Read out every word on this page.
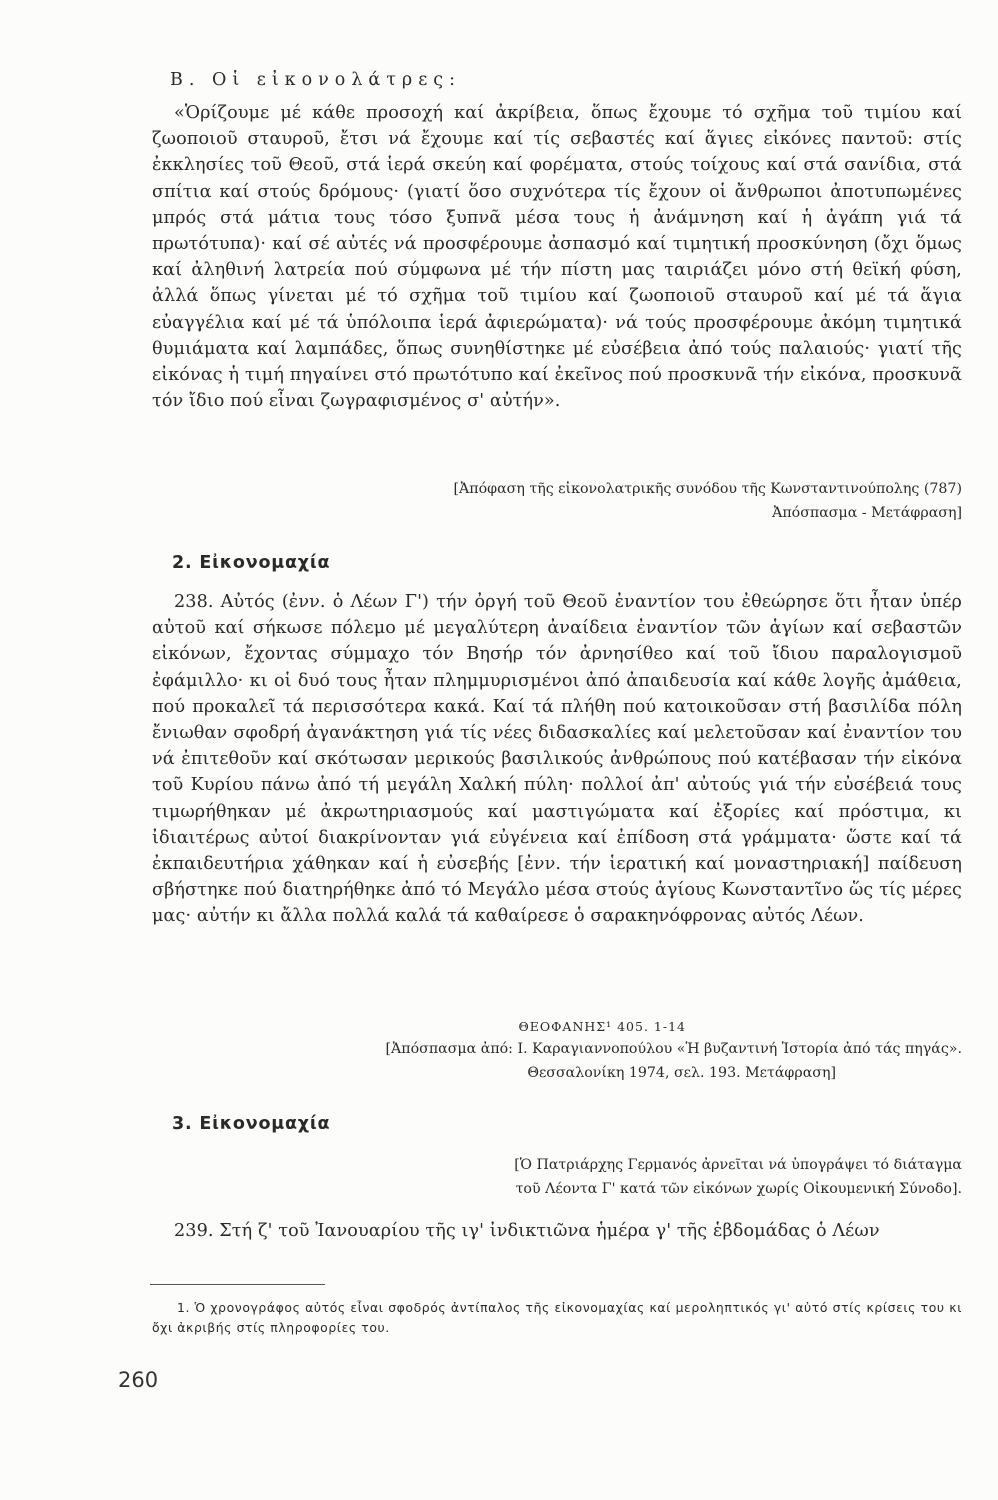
Β. Οἱ εἰκονολάτρες:

«Ὁρίζουμε μέ κάθε προσοχή καί ἀκρίβεια, ὅπως ἔχουμε τό σχῆμα τοῦ τιμίου καί ζωοποιοῦ σταυροῦ, ἔτσι νά ἔχουμε καί τίς σεβαστές καί ἅγιες εἰκόνες παντοῦ: στίς ἐκκλησίες τοῦ Θεοῦ, στά ἱερά σκεύη καί φορέματα, στούς τοίχους καί στά σανίδια, στά σπίτια καί στούς δρόμους· (γιατί ὅσο συχνότερα τίς ἔχουν οἱ ἄνθρωποι ἀποτυπωμένες μπρός στά μάτια τους τόσο ξυπνᾶ μέσα τους ἡ ἀνάμνηση καί ἡ ἀγάπη γιά τά πρωτότυπα)· καί σέ αὐτές νά προσφέρουμε ἀσπασμό καί τιμητική προσκύνηση (ὄχι ὅμως καί ἀληθινή λατρεία πού σύμφωνα μέ τήν πίστη μας ταιριάζει μόνο στή θεϊκή φύση, ἀλλά ὅπως γίνεται μέ τό σχῆμα τοῦ τιμίου καί ζωοποιοῦ σταυροῦ καί μέ τά ἅγια εὐαγγέλια καί μέ τά ὑπόλοιπα ἱερά ἀφιερώματα)· νά τούς προσφέρουμε ἀκόμη τιμητικά θυμιάματα καί λαμπάδες, ὅπως συνηθίστηκε μέ εὐσέβεια ἀπό τούς παλαιούς· γιατί τῆς εἰκόνας ἡ τιμή πηγαίνει στό πρωτότυπο καί ἐκεῖνος πού προσκυνᾶ τήν εἰκόνα, προσκυνᾶ τόν ἴδιο πού εἶναι ζωγραφισμένος σ' αὐτήν».

[Ἀπόφαση τῆς εἰκονολατρικῆς συνόδου τῆς Κωνσταντινούπολης (787)

Ἀπόσπασμα - Μετάφραση]

2. Εἰκονομαχία

238. Αὐτός (ἐνν. ὁ Λέων Γ') τήν ὀργή τοῦ Θεοῦ ἐναντίον του ἐθεώρησε ὅτι ἦταν ὑπέρ αὐτοῦ καί σήκωσε πόλεμο μέ μεγαλύτερη ἀναίδεια ἐναντίον τῶν ἁγίων καί σεβαστῶν εἰκόνων, ἔχοντας σύμμαχο τόν Βησήρ τόν ἀρνησίθεο καί τοῦ ἴδιου παραλογισμοῦ ἐφάμιλλο· κι οἱ δυό τους ἦταν πλημμυρισμένοι ἀπό ἀπαιδευσία καί κάθε λογῆς ἀμάθεια, πού προκαλεῖ τά περισσότερα κακά. Καί τά πλήθη πού κατοικοῦσαν στή βασιλίδα πόλη ἔνιωθαν σφοδρή ἀγανάκτηση γιά τίς νέες διδασκαλίες καί μελετοῦσαν καί ἐναντίον του νά ἐπιτεθοῦν καί σκότωσαν μερικούς βασιλικούς ἀνθρώπους πού κατέβασαν τήν εἰκόνα τοῦ Κυρίου πάνω ἀπό τή μεγάλη Χαλκή πύλη· πολλοί ἀπ' αὐτούς γιά τήν εὐσέβειά τους τιμωρήθηκαν μέ ἀκρωτηριασμούς καί μαστιγώματα καί ἐξορίες καί πρόστιμα, κι ἰδιαιτέρως αὐτοί διακρίνονταν γιά εὐγένεια καί ἐπίδοση στά γράμματα· ὥστε καί τά ἐκπαιδευτήρια χάθηκαν καί ἡ εὐσεβής [ἐνν. τήν ἱερατική καί μοναστηριακή] παίδευση σβήστηκε πού διατηρήθηκε ἀπό τό Μεγάλο μέσα στούς ἁγίους Κωνσταντῖνο ὥς τίς μέρες μας· αὐτήν κι ἄλλα πολλά καλά τά καθαίρεσε ὁ σαρακηνόφρονας αὐτός Λέων.

ΘΕΟΦΑΝΗΣ¹ 405. 1-14

[Ἀπόσπασμα ἀπό: Ι. Καραγιαννοπούλου «Ἡ βυζαντινή Ἱστορία ἀπό τάς πηγάς».

Θεσσαλονίκη 1974, σελ. 193. Μετάφραση]

3. Εἰκονομαχία

[Ὁ Πατριάρχης Γερμανός ἀρνεῖται νά ὑπογράψει τό διάταγμα

τοῦ Λέοντα Γ' κατά τῶν εἰκόνων χωρίς Οἰκουμενική Σύνοδο].

239. Στή ζ' τοῦ Ἰανουαρίου τῆς ιγ' ἰνδικτιῶνα ἡμέρα γ' τῆς ἑβδομάδας ὁ Λέων

1. Ὁ χρονογράφος αὐτός εἶναι σφοδρός ἀντίπαλος τῆς εἰκονομαχίας καί μεροληπτικός γι' αὐτό στίς κρίσεις του κι ὄχι ἀκριβής στίς πληροφορίες του.

260
